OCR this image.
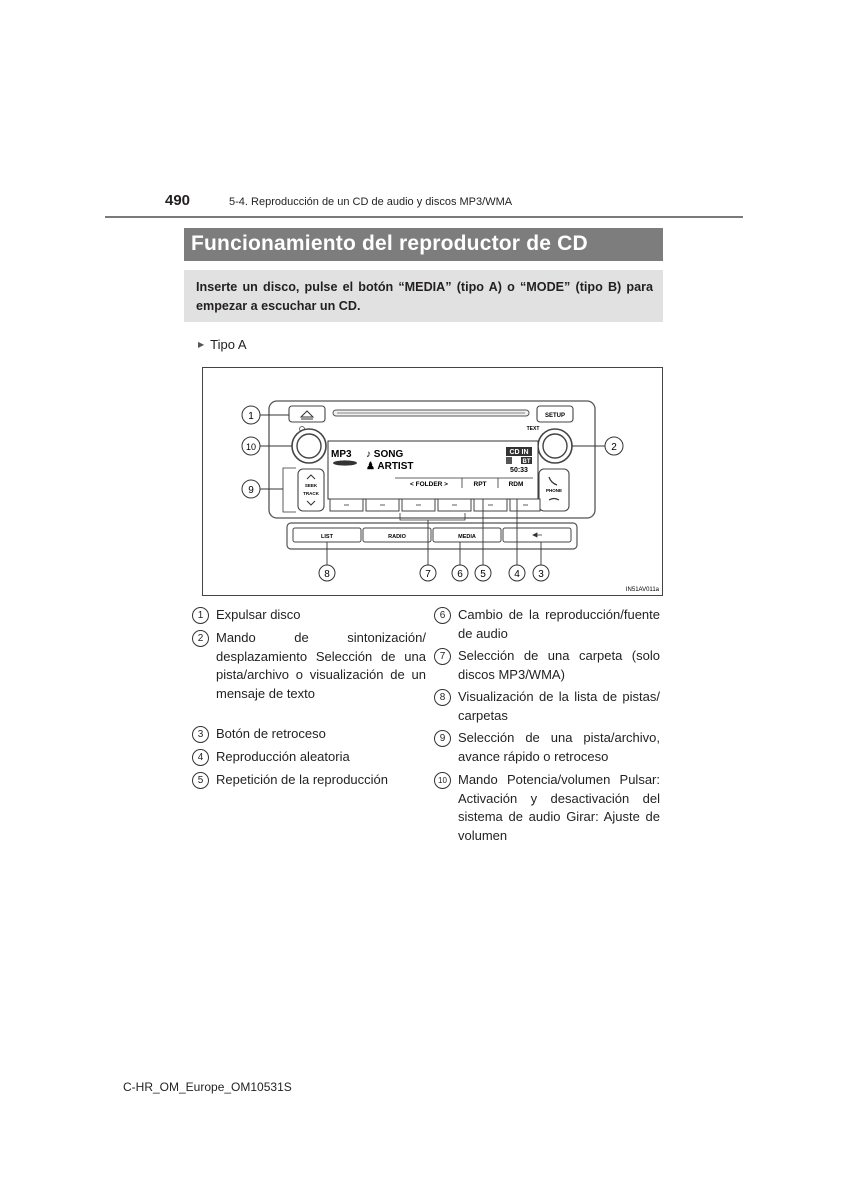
490	5-4. Reproducción de un CD de audio y discos MP3/WMA
Funcionamiento del reproductor de CD
Inserte un disco, pulse el botón “MEDIA” (tipo A) o “MODE” (tipo B) para empezar a escuchar un CD.
▶ Tipo A
SETUP
TEXT
SEEK
TRACK
PHONE
MP3 ♪ SONG
♟ ARTIST
CD IN
BT
50:33
< FOLDER >	RPT	RDM
LIST	RADIO	MEDIA
1
10
9
2
8	7	6 5	4 3
IN51AV011a
1 Expulsar disco
2 Mando de sintonización/ desplazamiento Selección de una pista/archivo o visualización de un mensaje de texto
3 Botón de retroceso
4 Reproducción aleatoria
5 Repetición de la reproducción
6 Cambio de la reproducción/fuente de audio
7 Selección de una carpeta (solo discos MP3/WMA)
8 Visualización de la lista de pistas/ carpetas
9 Selección de una pista/archivo, avance rápido o retroceso
10 Mando Potencia/volumen Pulsar: Activación y desactivación del sistema de audio Girar: Ajuste de volumen
C-HR_OM_Europe_OM10531S
